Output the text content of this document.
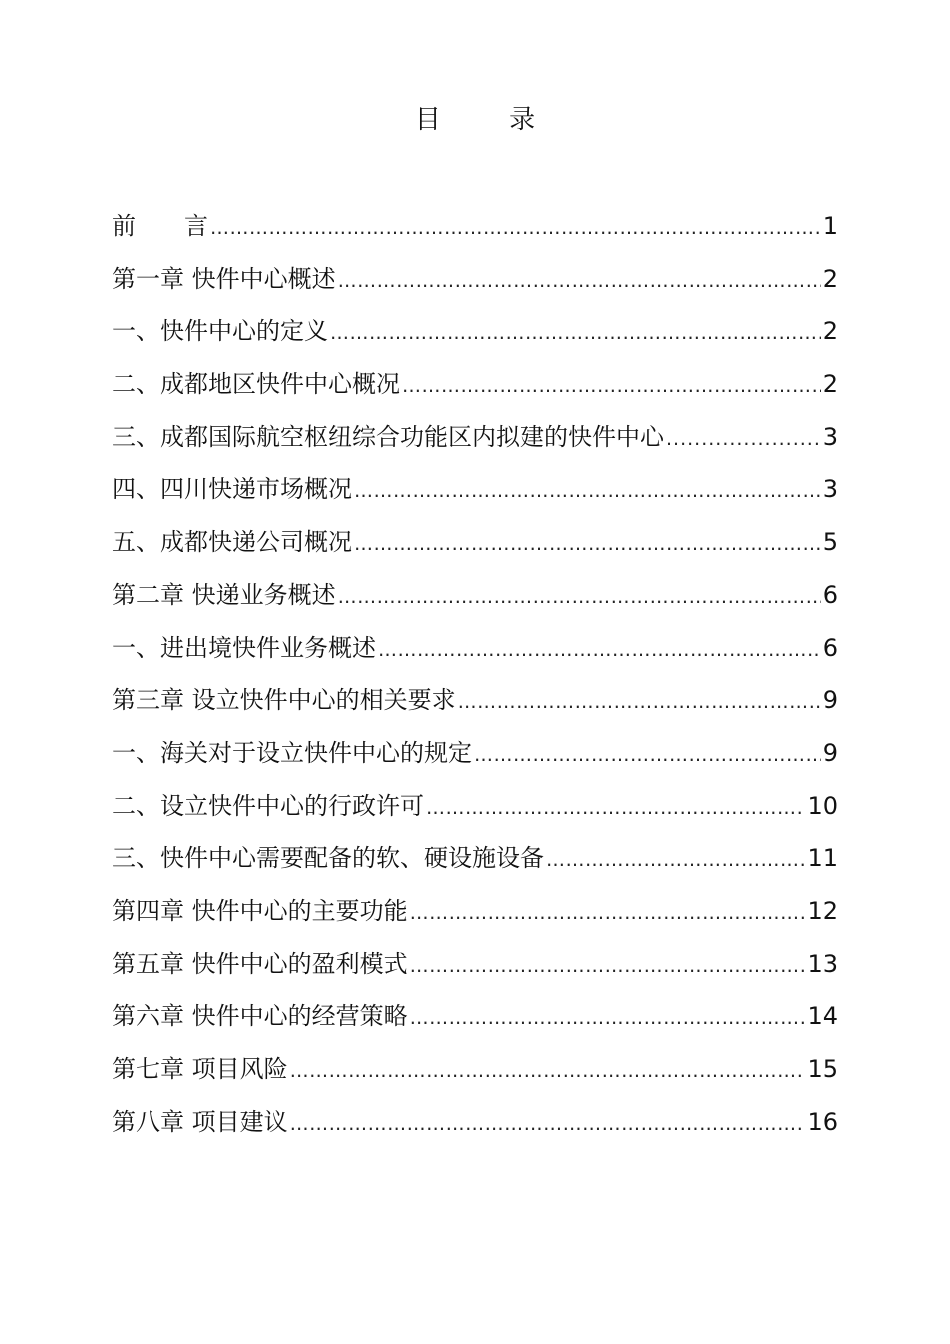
目 录
前　　言 ……………………………………………………………………………………………………………………………………………………	1
第一章 快件中心概述 ……………………………………………………………………………………………………………………………………………………	2
一、快件中心的定义 ……………………………………………………………………………………………………………………………………………………	2
二、成都地区快件中心概况 ……………………………………………………………………………………………………………………………………………………	2
三、成都国际航空枢纽综合功能区内拟建的快件中心 .....	3
四、四川快递市场概况 ……………………………………………………………………………………………………………………………………………………	3
五、成都快递公司概况 ……………………………………………………………………………………………………………………………………………………	5
第二章 快递业务概述 ……………………………………………………………………………………………………………………………………………………	6
一、进出境快件业务概述 ……………………………………………………………………………………………………………………………………………………	6
第三章 设立快件中心的相关要求 ……………………………………………………………………………………………………………………………………………………	9
一、海关对于设立快件中心的规定 ……………………………………………………………………………………………………………………………………………………	9
二、设立快件中心的行政许可 ……………………………………………………………………………………………………………………………………………………	10
三、快件中心需要配备的软、硬设施设备 ……………………………………………………………………………………………………………………………………………………	11
第四章 快件中心的主要功能 ……………………………………………………………………………………………………………………………………………………	12
第五章 快件中心的盈利模式 ……………………………………………………………………………………………………………………………………………………	13
第六章 快件中心的经营策略 ……………………………………………………………………………………………………………………………………………………	14
第七章 项目风险 ……………………………………………………………………………………………………………………………………………………	15
第八章 项目建议 ……………………………………………………………………………………………………………………………………………………	16
